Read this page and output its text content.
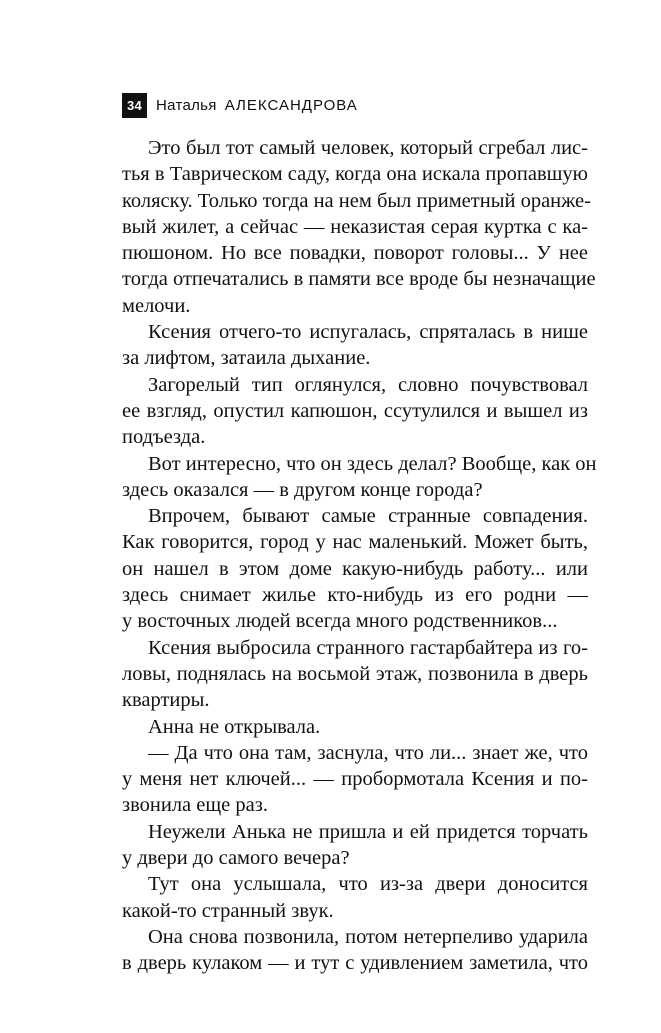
34 Наталья АЛЕКСАНДРОВА
Это был тот самый человек, который сгребал лис-
тья в Таврическом саду, когда она искала пропавшую
коляску. Только тогда на нем был приметный оранже-
вый жилет, а сейчас — неказистая серая куртка с ка-
пюшоном. Но все повадки, поворот головы... У нее
тогда отпечатались в памяти все вроде бы незначащие
мелочи.
Ксения отчего-то испугалась, спряталась в нише
за лифтом, затаила дыхание.
Загорелый тип оглянулся, словно почувствовал
ее взгляд, опустил капюшон, ссутулился и вышел из
подъезда.
Вот интересно, что он здесь делал? Вообще, как он
здесь оказался — в другом конце города?
Впрочем, бывают самые странные совпадения.
Как говорится, город у нас маленький. Может быть,
он нашел в этом доме какую-нибудь работу... или
здесь снимает жилье кто-нибудь из его родни —
у восточных людей всегда много родственников...
Ксения выбросила странного гастарбайтера из го-
ловы, поднялась на восьмой этаж, позвонила в дверь
квартиры.
Анна не открывала.
— Да что она там, заснула, что ли... знает же, что
у меня нет ключей... — пробормотала Ксения и по-
звонила еще раз.
Неужели Анька не пришла и ей придется торчать
у двери до самого вечера?
Тут она услышала, что из-за двери доносится
какой-то странный звук.
Она снова позвонила, потом нетерпеливо ударила
в дверь кулаком — и тут с удивлением заметила, что
